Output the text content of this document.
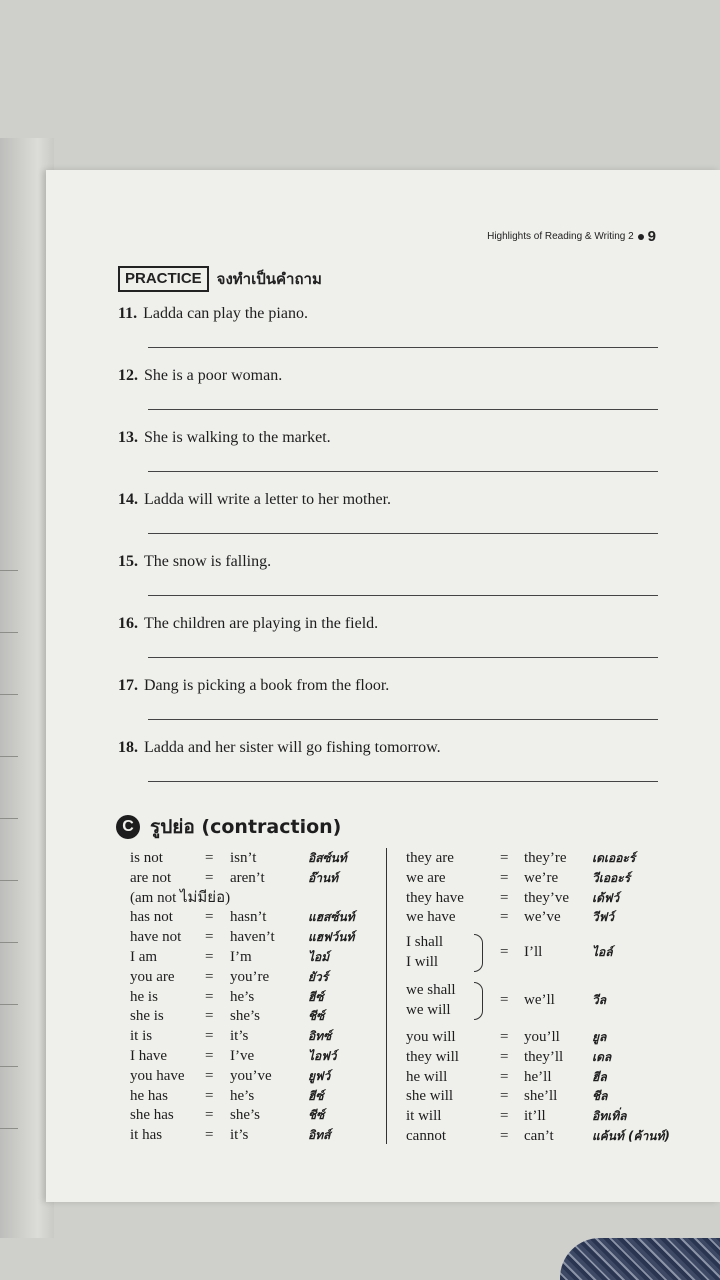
Highlights of Reading & Writing 2 9
PRACTICE	จงทำเป็นคำถาม
11. Ladda can play the piano.
12. She is a poor woman.
13. She is walking to the market.
14. Ladda will write a letter to her mother.
15. The snow is falling.
16. The children are playing in the field.
17. Dang is picking a book from the floor.
18. Ladda and her sister will go fishing tomorrow.
C รูปย่อ (contraction)
is not	= isn’t	อิสซ์นท์
are not = aren’t	อ๊านท์
(am not ไม่มีย่อ)
has not = hasn’t	แฮสซ์นท์
have not = haven’t	แฮฟว์นท์
I am	= I’m	ไอม์
you are = you’re	ยัวร์
he is	= he’s	ฮีซ์
she is	= she’s	ชีซ์
it is	= it’s	อิทซ์
I have	= I’ve	ไอฟว์
you have = you’ve	ยูฟว์
he has = he’s	ฮีซ์
she has = she’s	ชีซ์
it has	= it’s	อิทส์
they are	= they’re เดเออะร์
we are	= we’re	วีเออะร์
they have = they’ve เด้ฟว์
we have	= we’ve	วีฟว์
I shall
I will
= I’ll	ไอล์
we shall
we will
= we’ll	วีล
you will	= you’ll	ยูล
they will	= they’ll เดล
he will	= he’ll	ฮีล
she will	= she’ll	ชีล
it will	= it’ll	อิทเทิ่ล
cannot	= can’t	แค้นท์ (ค้านท์)
